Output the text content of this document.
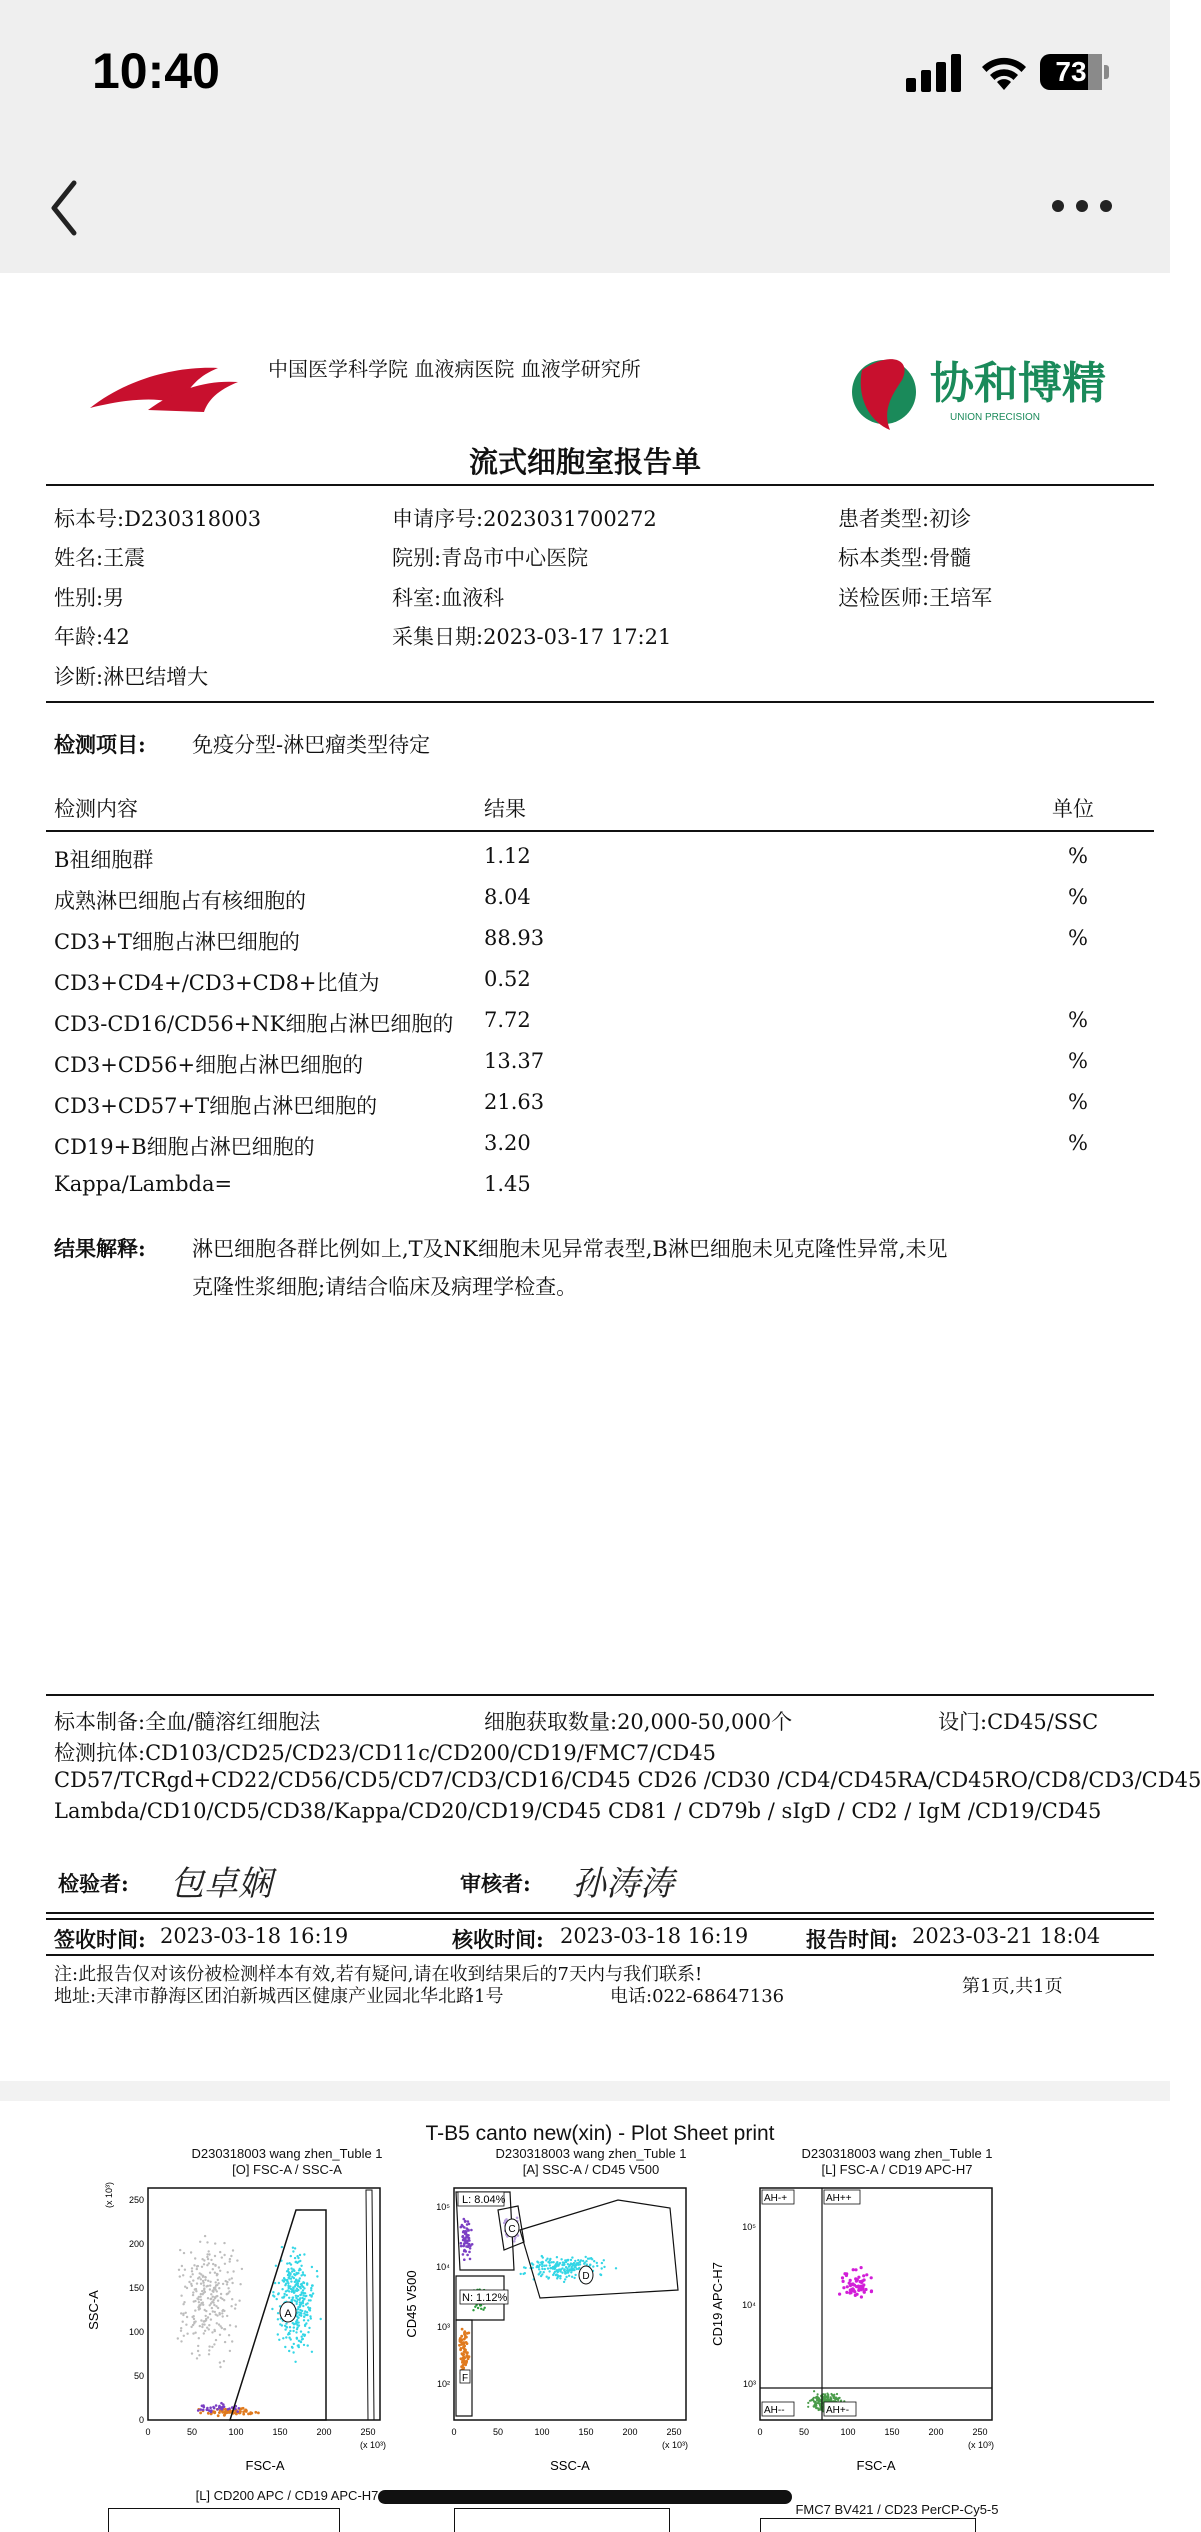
10:40	73
中国医学科学院 血液病医院 血液学研究所	协和博精
UNION PRECISION
流式细胞室报告单
标本号:D230318003	申请序号:2023031700272	患者类型:初诊
姓名:王震	院别:青岛市中心医院	标本类型:骨髓
性别:男	科室:血液科	送检医师:王培军
年龄:42	采集日期:2023-03-17 17:21
诊断:淋巴结增大
检测项目: 免疫分型-淋巴瘤类型待定
检测内容	结果	单位
B祖细胞群	1.12	%
成熟淋巴细胞占有核细胞的	8.04	%
CD3+T细胞占淋巴细胞的	88.93	%
CD3+CD4+/CD3+CD8+比值为	0.52
CD3-CD16/CD56+NK细胞占淋巴细胞的 7.72	%
CD3+CD56+细胞占淋巴细胞的	13.37	%
CD3+CD57+T细胞占淋巴细胞的	21.63	%
CD19+B细胞占淋巴细胞的	3.20	%
Kappa/Lambda=	1.45
结果解释: 淋巴细胞各群比例如上,T及NK细胞未见异常表型,B淋巴细胞未见克隆性异常,未见
克隆性浆细胞;请结合临床及病理学检查。
标本制备:全血/髓溶红细胞法	细胞获取数量:20,000-50,000个	设门:CD45/SSC
检测抗体:CD103/CD25/CD23/CD11c/CD200/CD19/FMC7/CD45
CD57/TCRgd+CD22/CD56/CD5/CD7/CD3/CD16/CD45 CD26 /CD30 /CD4/CD45RA/CD45RO/CD8/CD3/CD45
Lambda/CD10/CD5/CD38/Kappa/CD20/CD19/CD45 CD81 / CD79b / sIgD / CD2 / IgM /CD19/CD45
检验者: 包卓娴	审核者: 孙涛涛
签收时间: 2023-03-18 16:19	核收时间: 2023-03-18 16:19	报告时间: 2023-03-21 18:04
注:此报告仅对该份被检测样本有效,若有疑问,请在收到结果后的7天内与我们联系!
地址:天津市静海区团泊新城西区健康产业园北华北路1号	电话:022-68647136	第1页,共1页
T-B5 canto new(xin) - Plot Sheet print
D230318003 wang zhen_Tuble 1
[O] FSC-A / SSC-A
D230318003 wang zhen_Tuble 1
[A] SSC-A / CD45 V500
D230318003 wang zhen_Tuble 1
[L] FSC-A / CD19 APC-H7
A
FSC-A
SSC-A
(x 10³)
(x 10³)
0	50	100	150	200	250
0
50
100
150
200
250	L: 8.04%
C
N: 1.12%
D
F
SSC-A
CD45 V500
(x 10³)
0	50	100	150	200	250
10²
10³
10⁴
10⁵
AH-+	AH++
AH--	AH+-
FSC-A
CD19 APC-H7
(x 10³)
0	50	100	150	200	250
10³
10⁴
10⁵
[L] CD200 APC / CD19 APC-H7
FMC7 BV421 / CD23 PerCP-Cy5-5
